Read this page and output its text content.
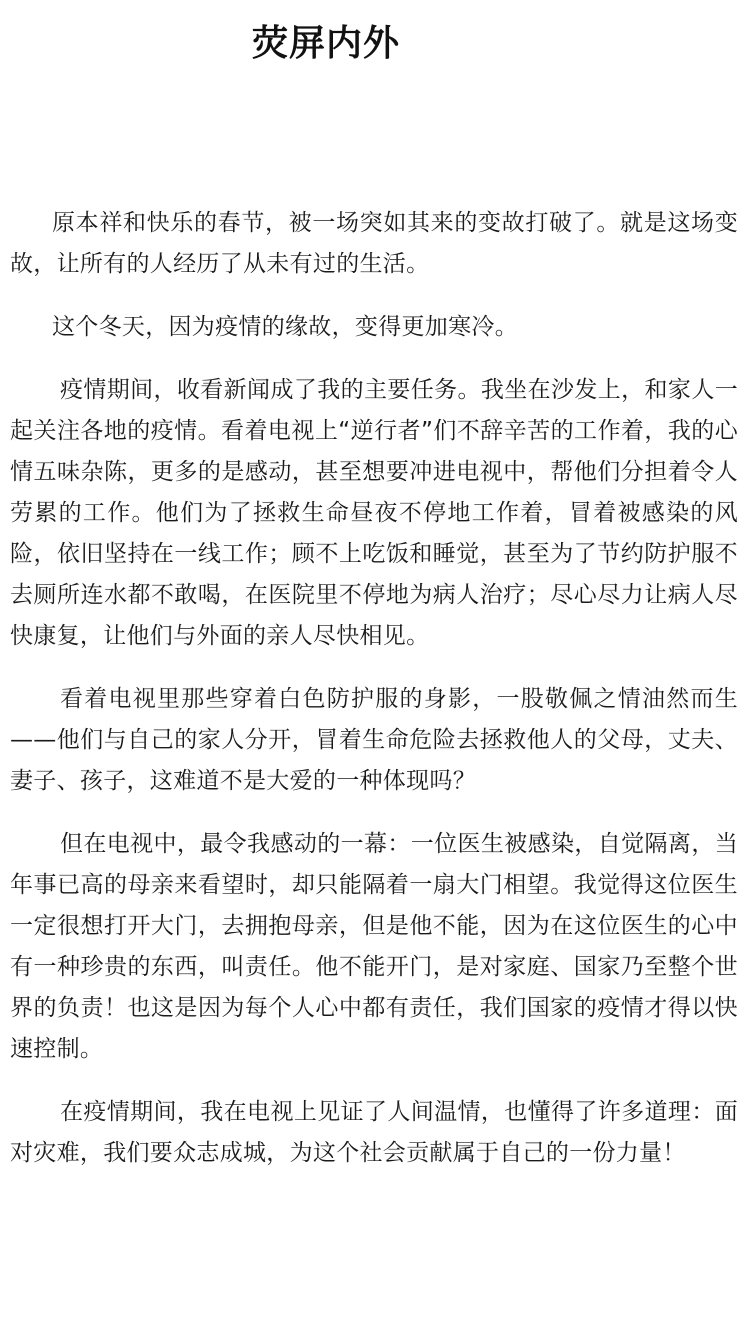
荧屏内外

原本祥和快乐的春节，被一场突如其来的变故打破了。就是这场变故，让所有的人经历了从未有过的生活。

这个冬天，因为疫情的缘故，变得更加寒冷。

疫情期间，收看新闻成了我的主要任务。我坐在沙发上，和家人一起关注各地的疫情。看着电视上“逆行者”们不辞辛苦的工作着，我的心情五味杂陈，更多的是感动，甚至想要冲进电视中，帮他们分担着令人劳累的工作。他们为了拯救生命昼夜不停地工作着，冒着被感染的风险，依旧坚持在一线工作；顾不上吃饭和睡觉，甚至为了节约防护服不去厕所连水都不敢喝，在医院里不停地为病人治疗；尽心尽力让病人尽快康复，让他们与外面的亲人尽快相见。

看着电视里那些穿着白色防护服的身影，一股敬佩之情油然而生——他们与自己的家人分开，冒着生命危险去拯救他人的父母，丈夫、妻子、孩子，这难道不是大爱的一种体现吗？

但在电视中，最令我感动的一幕：一位医生被感染，自觉隔离，当年事已高的母亲来看望时，却只能隔着一扇大门相望。我觉得这位医生一定很想打开大门，去拥抱母亲，但是他不能，因为在这位医生的心中有一种珍贵的东西，叫责任。他不能开门，是对家庭、国家乃至整个世界的负责！也这是因为每个人心中都有责任，我们国家的疫情才得以快速控制。

在疫情期间，我在电视上见证了人间温情，也懂得了许多道理：面对灾难，我们要众志成城，为这个社会贡献属于自己的一份力量！
